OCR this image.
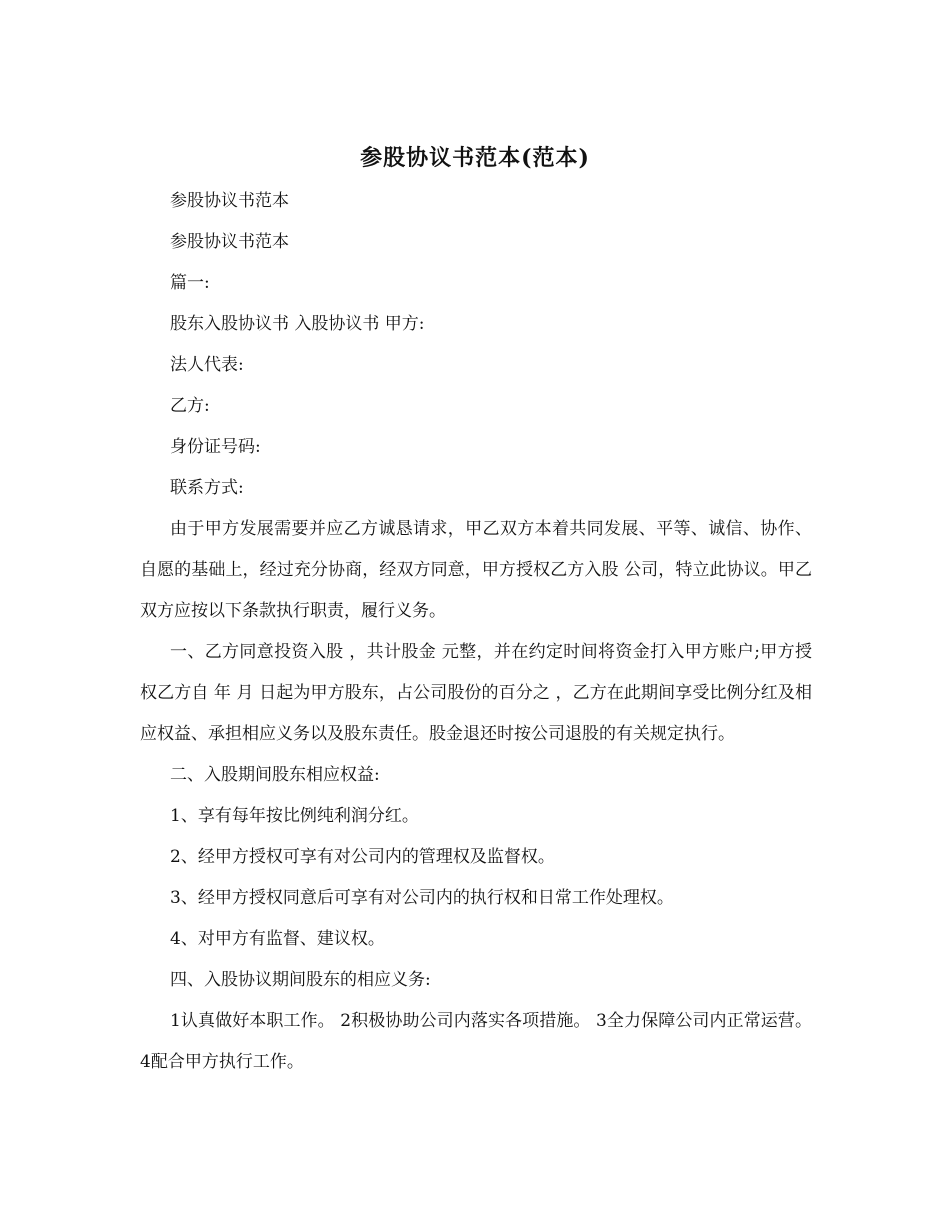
参股协议书范本(范本)

参股协议书范本

参股协议书范本

篇一:

股东入股协议书 入股协议书 甲方:

法人代表:

乙方:

身份证号码:

联系方式:

由于甲方发展需要并应乙方诚恳请求，甲乙双方本着共同发展、平等、诚信、协作、自愿的基础上，经过充分协商，经双方同意，甲方授权乙方入股 公司，特立此协议。甲乙双方应按以下条款执行职责，履行义务。

一、乙方同意投资入股 ，共计股金 元整，并在约定时间将资金打入甲方账户;甲方授权乙方自 年 月 日起为甲方股东，占公司股份的百分之 ，乙方在此期间享受比例分红及相应权益、承担相应义务以及股东责任。股金退还时按公司退股的有关规定执行。

二、入股期间股东相应权益:

1、享有每年按比例纯利润分红。

2、经甲方授权可享有对公司内的管理权及监督权。

3、经甲方授权同意后可享有对公司内的执行权和日常工作处理权。

4、对甲方有监督、建议权。

四、入股协议期间股东的相应义务:

1认真做好本职工作。 2积极协助公司内落实各项措施。 3全力保障公司内正常运营。 4配合甲方执行工作。
